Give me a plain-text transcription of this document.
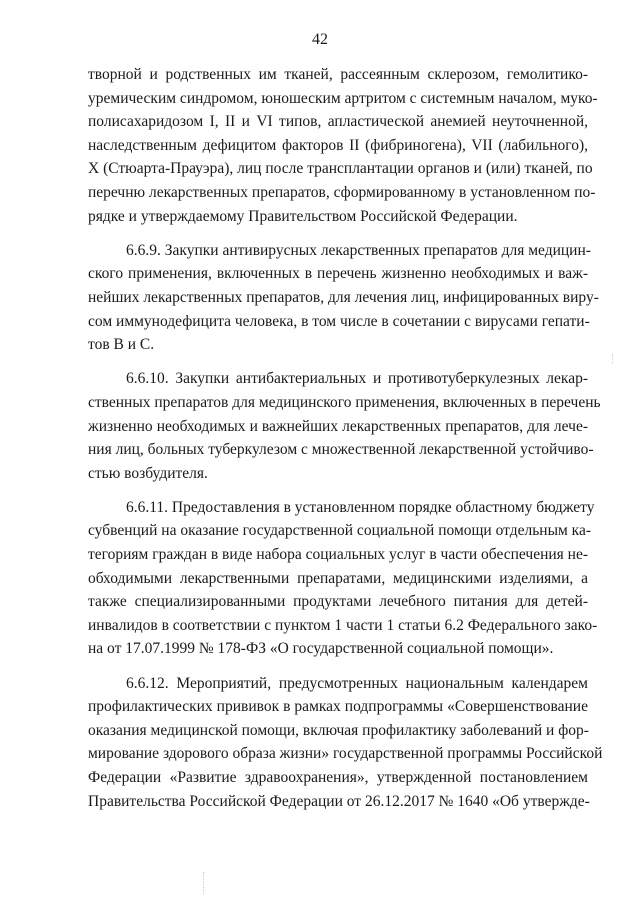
42
творной и родственных им тканей, рассеянным склерозом, гемолитико-
уремическим синдромом, юношеским артритом с системным началом, муко-
полисахаридозом I, II и VI типов, апластической анемией неуточненной,
наследственным дефицитом факторов II (фибриногена), VII (лабильного),
X (Стюарта-Прауэра), лиц после трансплантации органов и (или) тканей, по
перечню лекарственных препаратов, сформированному в установленном по-
рядке и утверждаемому Правительством Российской Федерации.
6.6.9. Закупки антивирусных лекарственных препаратов для медицин-
ского применения, включенных в перечень жизненно необходимых и важ-
нейших лекарственных препаратов, для лечения лиц, инфицированных виру-
сом иммунодефицита человека, в том числе в сочетании с вирусами гепати-
тов B и C.
6.6.10. Закупки антибактериальных и противотуберкулезных лекар-
ственных препаратов для медицинского применения, включенных в перечень
жизненно необходимых и важнейших лекарственных препаратов, для лече-
ния лиц, больных туберкулезом с множественной лекарственной устойчиво-
стью возбудителя.
6.6.11. Предоставления в установленном порядке областному бюджету
субвенций на оказание государственной социальной помощи отдельным ка-
тегориям граждан в виде набора социальных услуг в части обеспечения не-
обходимыми лекарственными препаратами, медицинскими изделиями, а
также специализированными продуктами лечебного питания для детей-
инвалидов в соответствии с пунктом 1 части 1 статьи 6.2 Федерального зако-
на от 17.07.1999 № 178-ФЗ «О государственной социальной помощи».
6.6.12. Мероприятий, предусмотренных национальным календарем
профилактических прививок в рамках подпрограммы «Совершенствование
оказания медицинской помощи, включая профилактику заболеваний и фор-
мирование здорового образа жизни» государственной программы Российской
Федерации «Развитие здравоохранения», утвержденной постановлением
Правительства Российской Федерации от 26.12.2017 № 1640 «Об утвержде-
